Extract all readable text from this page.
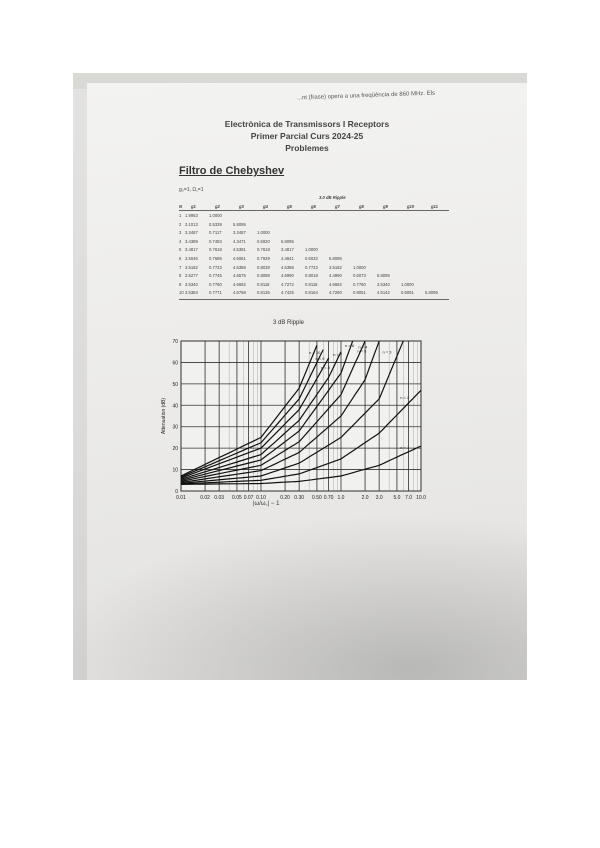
...nt (frase) opera a una freqüència de 860 MHz. Els
Electrònica de Transmissors I Receptors
Primer Parcial Curs 2024-25
Problemes
Filtro de Chebyshev
g₀=1, Ω꜀=1
3.0 dB Ripple
N g1	g2	g3	g4	g5	g6	g7	g8	g9	g10	g11
1 1.9953	1.0000
2 3.1013	0.5339	5.8095
3 3.3487	0.7117	3.3487	1.0000
4 3.4389	0.7483	4.3471	0.5920	5.8095
5 3.4817	0.7618	4.5381	0.7618	3.4817	1.0000
6 3.5045	0.7685	4.6061	0.7929	4.4641	0.6033	5.8095
7 3.5182	0.7723	4.6386	0.8039	4.6386	0.7723	3.5182	1.0000
8 3.5277	0.7745	4.6575	0.8089	4.6990	0.8018	4.4990	0.6073	5.8095
9 3.5340	0.7760	4.6692	0.8118	4.7272	0.8118	4.6692	0.7760	3.5340	1.0000
10 3.5384	0.7771	4.6768	0.8136	4.7425	0.8164	4.7260	0.8051	4.5142	0.6091	5.8095
3 dB Ripple
0.01	0.02 0.03 0.05 0.07 0.10	0.20 0.30 0.50 0.70 1.0	2.0 3.0 5.0 7.0 10.0
0
10
20
30
40
50
60
70
Attenuation (dB)
n = 1
n = 2
n = 3
n = 4
n = 5
n = 6
n = 7
n = 8
n = 9
n = 10
|ω/ω꜀| − 1
